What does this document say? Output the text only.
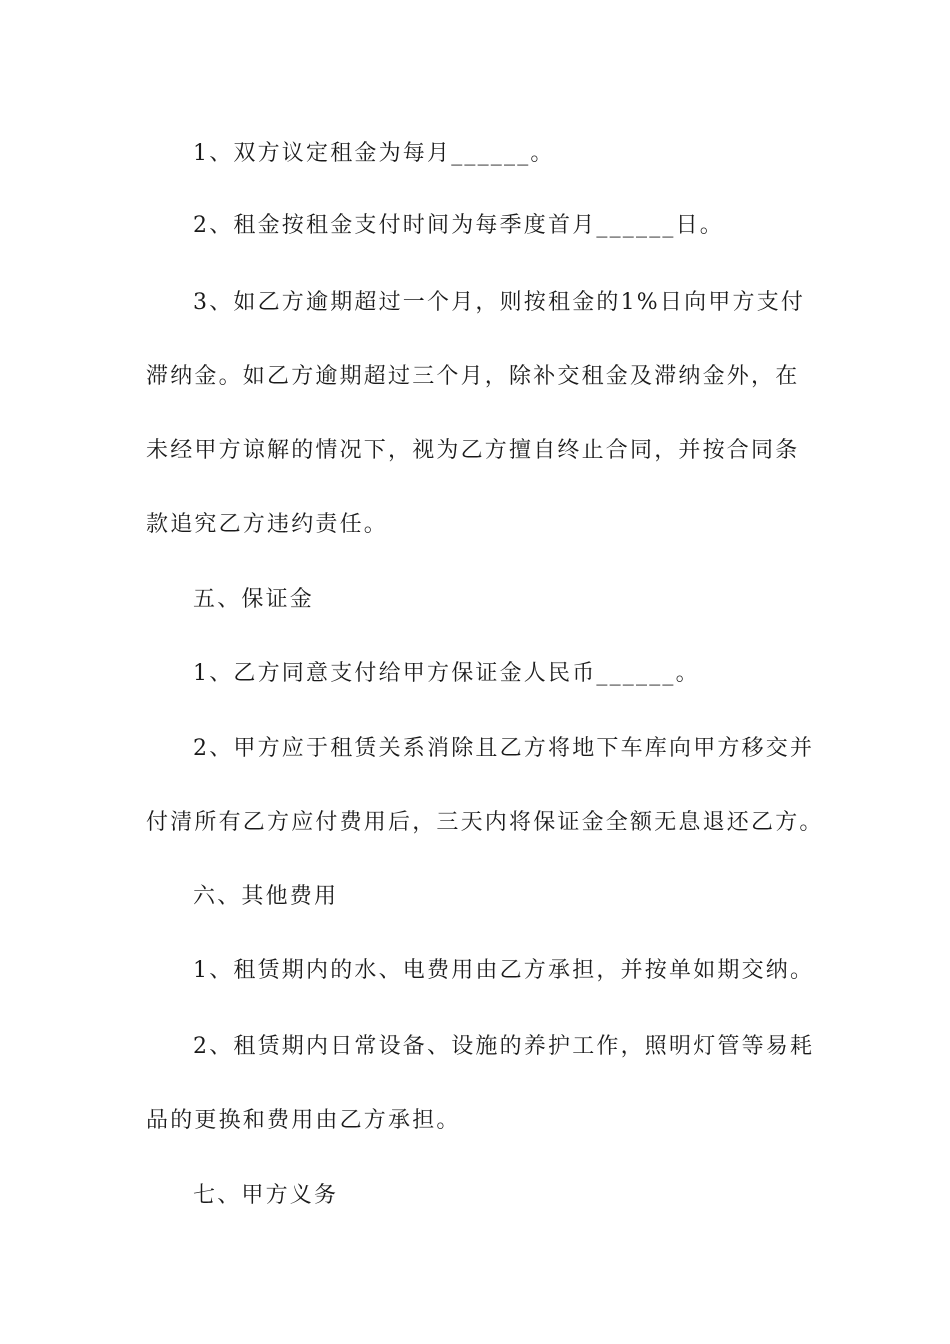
1、双方议定租金为每月______。
2、租金按租金支付时间为每季度首月______日。
3、如乙方逾期超过一个月，则按租金的1%日向甲方支付
滞纳金。如乙方逾期超过三个月，除补交租金及滞纳金外，在
未经甲方谅解的情况下，视为乙方擅自终止合同，并按合同条
款追究乙方违约责任。
五、保证金
1、乙方同意支付给甲方保证金人民币______。
2、甲方应于租赁关系消除且乙方将地下车库向甲方移交并
付清所有乙方应付费用后，三天内将保证金全额无息退还乙方。
六、其他费用
1、租赁期内的水、电费用由乙方承担，并按单如期交纳。
2、租赁期内日常设备、设施的养护工作，照明灯管等易耗
品的更换和费用由乙方承担。
七、甲方义务
